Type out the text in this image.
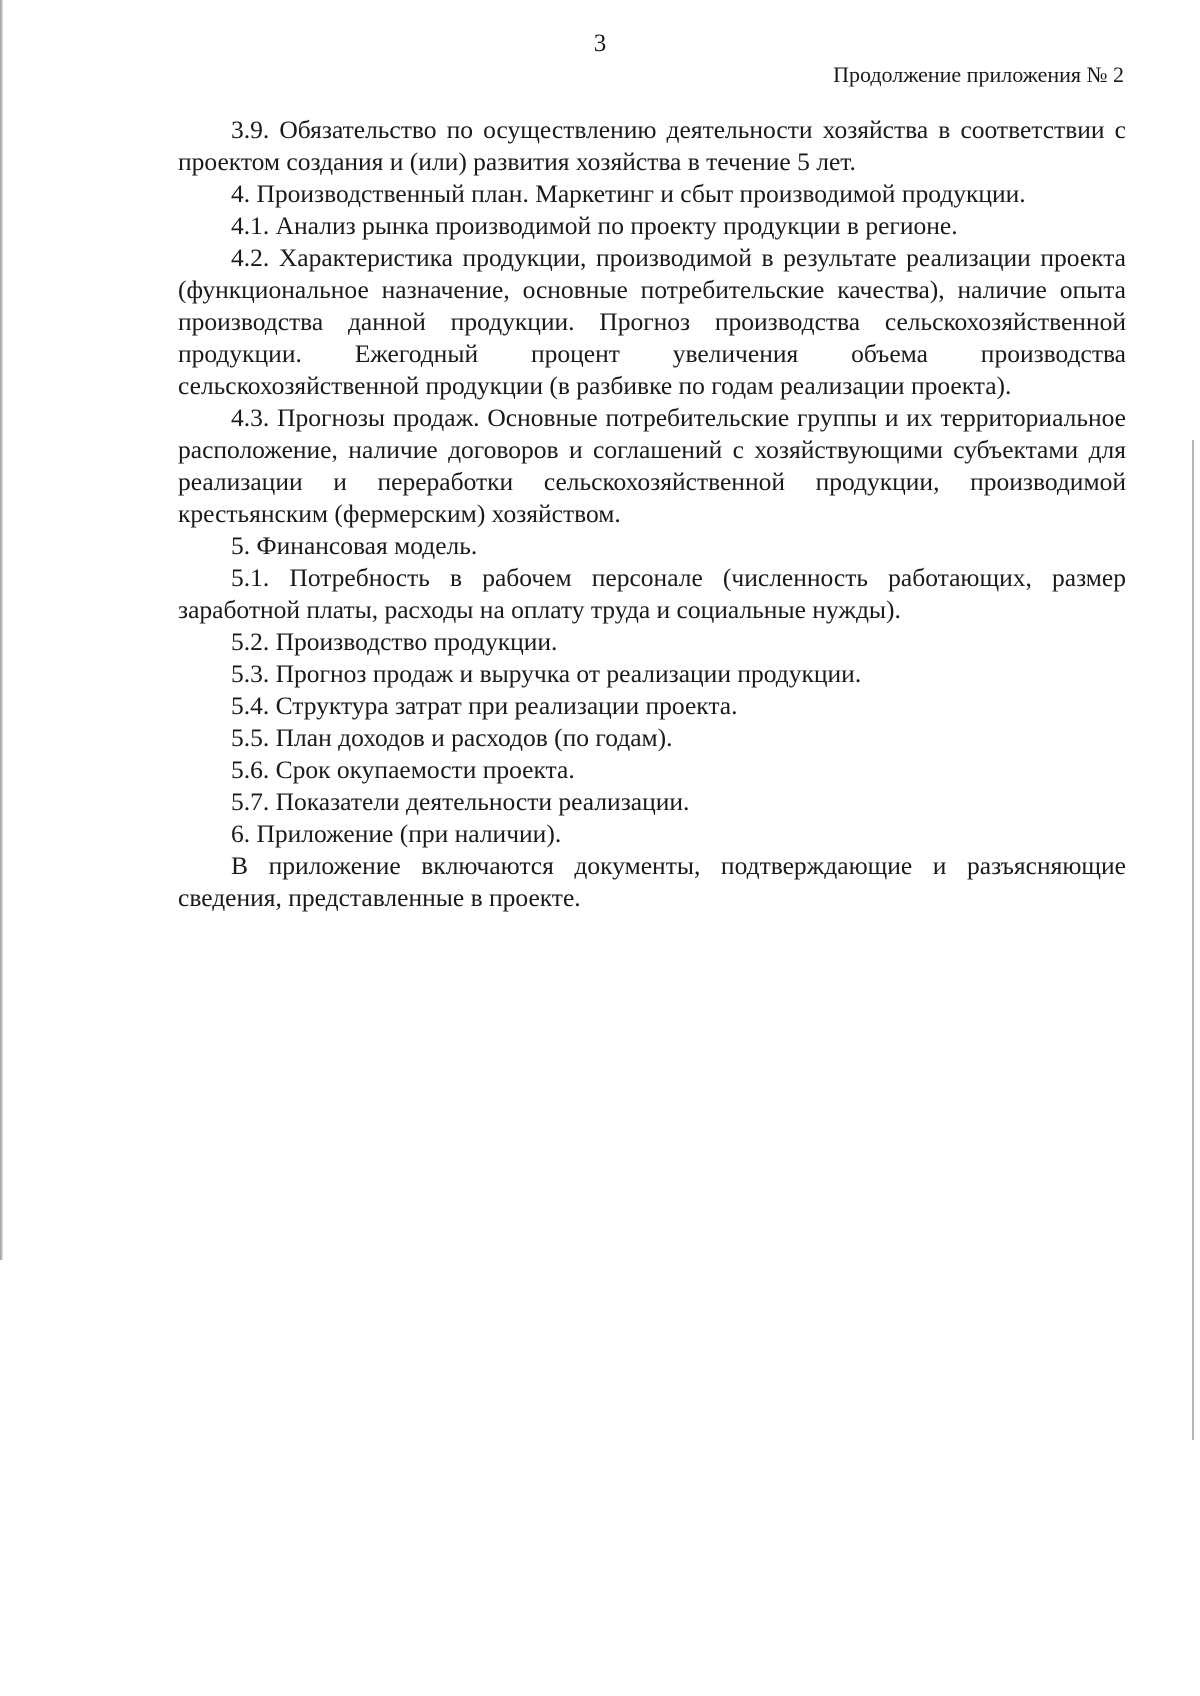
3

Продолжение приложения № 2

3.9. Обязательство по осуществлению деятельности хозяйства в соответствии с проектом создания и (или) развития хозяйства в течение 5 лет.

4. Производственный план. Маркетинг и сбыт производимой продукции.

4.1. Анализ рынка производимой по проекту продукции в регионе.

4.2. Характеристика продукции, производимой в результате реализации проекта (функциональное назначение, основные потребительские качества), наличие опыта производства данной продукции. Прогноз производства сельскохозяйственной продукции. Ежегодный процент увеличения объема производства сельскохозяйственной продукции (в разбивке по годам реализации проекта).

4.3. Прогнозы продаж. Основные потребительские группы и их территориальное расположение, наличие договоров и соглашений с хозяйствующими субъектами для реализации и переработки сельскохозяйственной продукции, производимой крестьянским (фермерским) хозяйством.

5. Финансовая модель.

5.1. Потребность в рабочем персонале (численность работающих, размер заработной платы, расходы на оплату труда и социальные нужды).

5.2. Производство продукции.

5.3. Прогноз продаж и выручка от реализации продукции.

5.4. Структура затрат при реализации проекта.

5.5. План доходов и расходов (по годам).

5.6. Срок окупаемости проекта.

5.7. Показатели деятельности реализации.

6. Приложение (при наличии).

В приложение включаются документы, подтверждающие и разъясняющие сведения, представленные в проекте.
